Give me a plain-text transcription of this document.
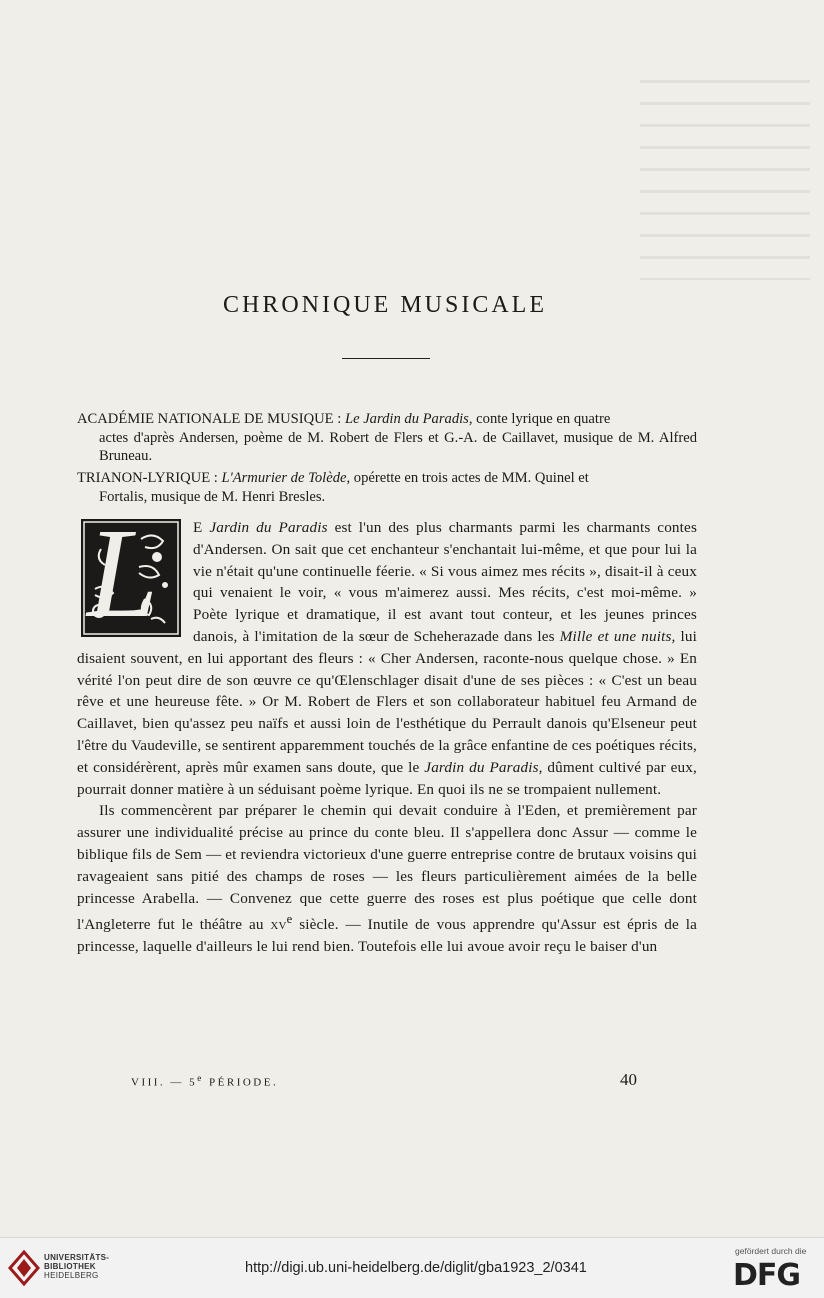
CHRONIQUE MUSICALE

ACADÉMIE NATIONALE DE MUSIQUE : Le Jardin du Paradis, conte lyrique en quatre
actes d'après Andersen, poème de M. Robert de Flers et G.-A. de Caillavet, musique de M. Alfred Bruneau.

TRIANON-LYRIQUE : L'Armurier de Tolède, opérette en trois actes de MM. Quinel et
Fortalis, musique de M. Henri Bresles.

L E Jardin du Paradis est l'un des plus charmants parmi les charmants contes d'Andersen. On sait que cet enchanteur s'enchantait lui-même, et que pour lui la vie n'était qu'une continuelle féerie. « Si vous aimez mes récits », disait-il à ceux qui venaient le voir, « vous m'aimerez aussi. Mes récits, c'est moi-même. » Poète lyrique et dramatique, il est avant tout conteur, et les jeunes princes danois, à l'imitation de la sœur de Scheherazade dans les Mille et une nuits, lui disaient souvent, en lui apportant des fleurs : « Cher Andersen, raconte-nous quelque chose. » En vérité l'on peut dire de son œuvre ce qu'Œlenschlager disait d'une de ses pièces : « C'est un beau rêve et une heureuse fête. » Or M. Robert de Flers et son collaborateur habituel feu Armand de Caillavet, bien qu'assez peu naïfs et aussi loin de l'esthétique du Perrault danois qu'Elseneur peut l'être du Vaudeville, se sentirent apparemment touchés de la grâce enfantine de ces poétiques récits, et considérèrent, après mûr examen sans doute, que le Jardin du Paradis, dûment cultivé par eux, pourrait donner matière à un séduisant poème lyrique. En quoi ils ne se trompaient nullement.

Ils commencèrent par préparer le chemin qui devait conduire à l'Eden, et premièrement par assurer une individualité précise au prince du conte bleu. Il s'appellera donc Assur — comme le biblique fils de Sem — et reviendra victorieux d'une guerre entreprise contre de brutaux voisins qui ravageaient sans pitié des champs de roses — les fleurs particulièrement aimées de la belle princesse Arabella. — Convenez que cette guerre des roses est plus poétique que celle dont l'Angleterre fut le théâtre au $xv^e$ siècle. — Inutile de vous apprendre qu'Assur est épris de la princesse, laquelle d'ailleurs le lui rend bien. Toutefois elle lui avoue avoir reçu le baiser d'un

VIII. — 5e PÉRIODE.	40
UNIVERSITÄTS-
BIBLIOTHEK
HEIDELBERG	http://digi.ub.uni-heidelberg.de/diglit/gba1923_2/0341
gefördert durch die
DFG
